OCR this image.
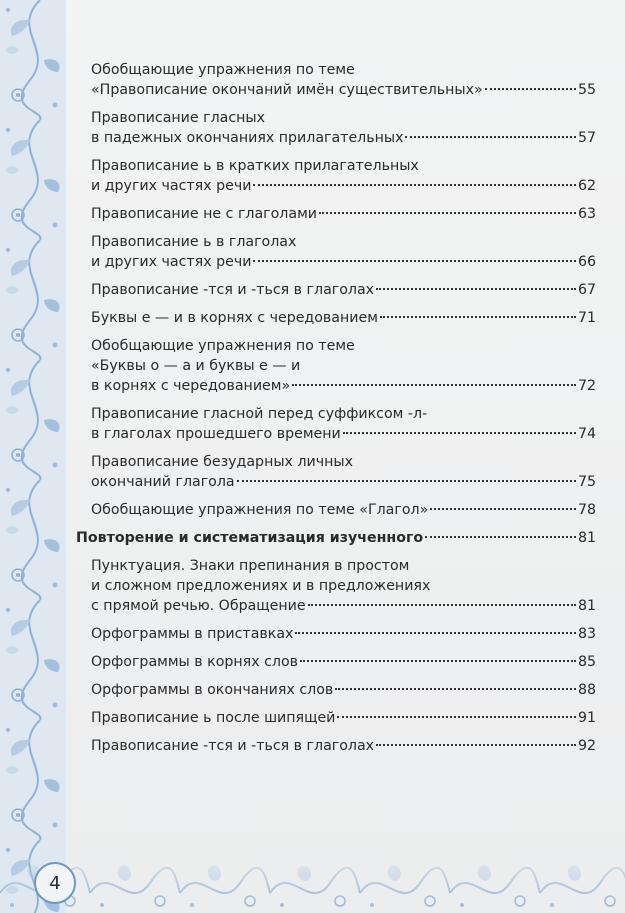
Обобщающие упражнения по теме
«Правописание окончаний имён существительных»	55
Правописание гласных
в падежных окончаниях прилагательных	57
Правописание ь в кратких прилагательных
и других частях речи	62
Правописание не с глаголами	63
Правописание ь в глаголах
и других частях речи	66
Правописание -тся и -ться в глаголах	67
Буквы е — и в корнях с чередованием	71
Обобщающие упражнения по теме
«Буквы о — а и буквы е — и
в корнях с чередованием»	72
Правописание гласной перед суффиксом -л-
в глаголах прошедшего времени	74
Правописание безударных личных
окончаний глагола	75
Обобщающие упражнения по теме «Глагол»	78
Повторение и систематизация изученного	81
Пунктуация. Знаки препинания в простом
и сложном предложениях и в предложениях
с прямой речью. Обращение	81
Орфограммы в приставках	83
Орфограммы в корнях слов	85
Орфограммы в окончаниях слов	88
Правописание ь после шипящей	91
Правописание -тся и -ться в глаголах	92
4
